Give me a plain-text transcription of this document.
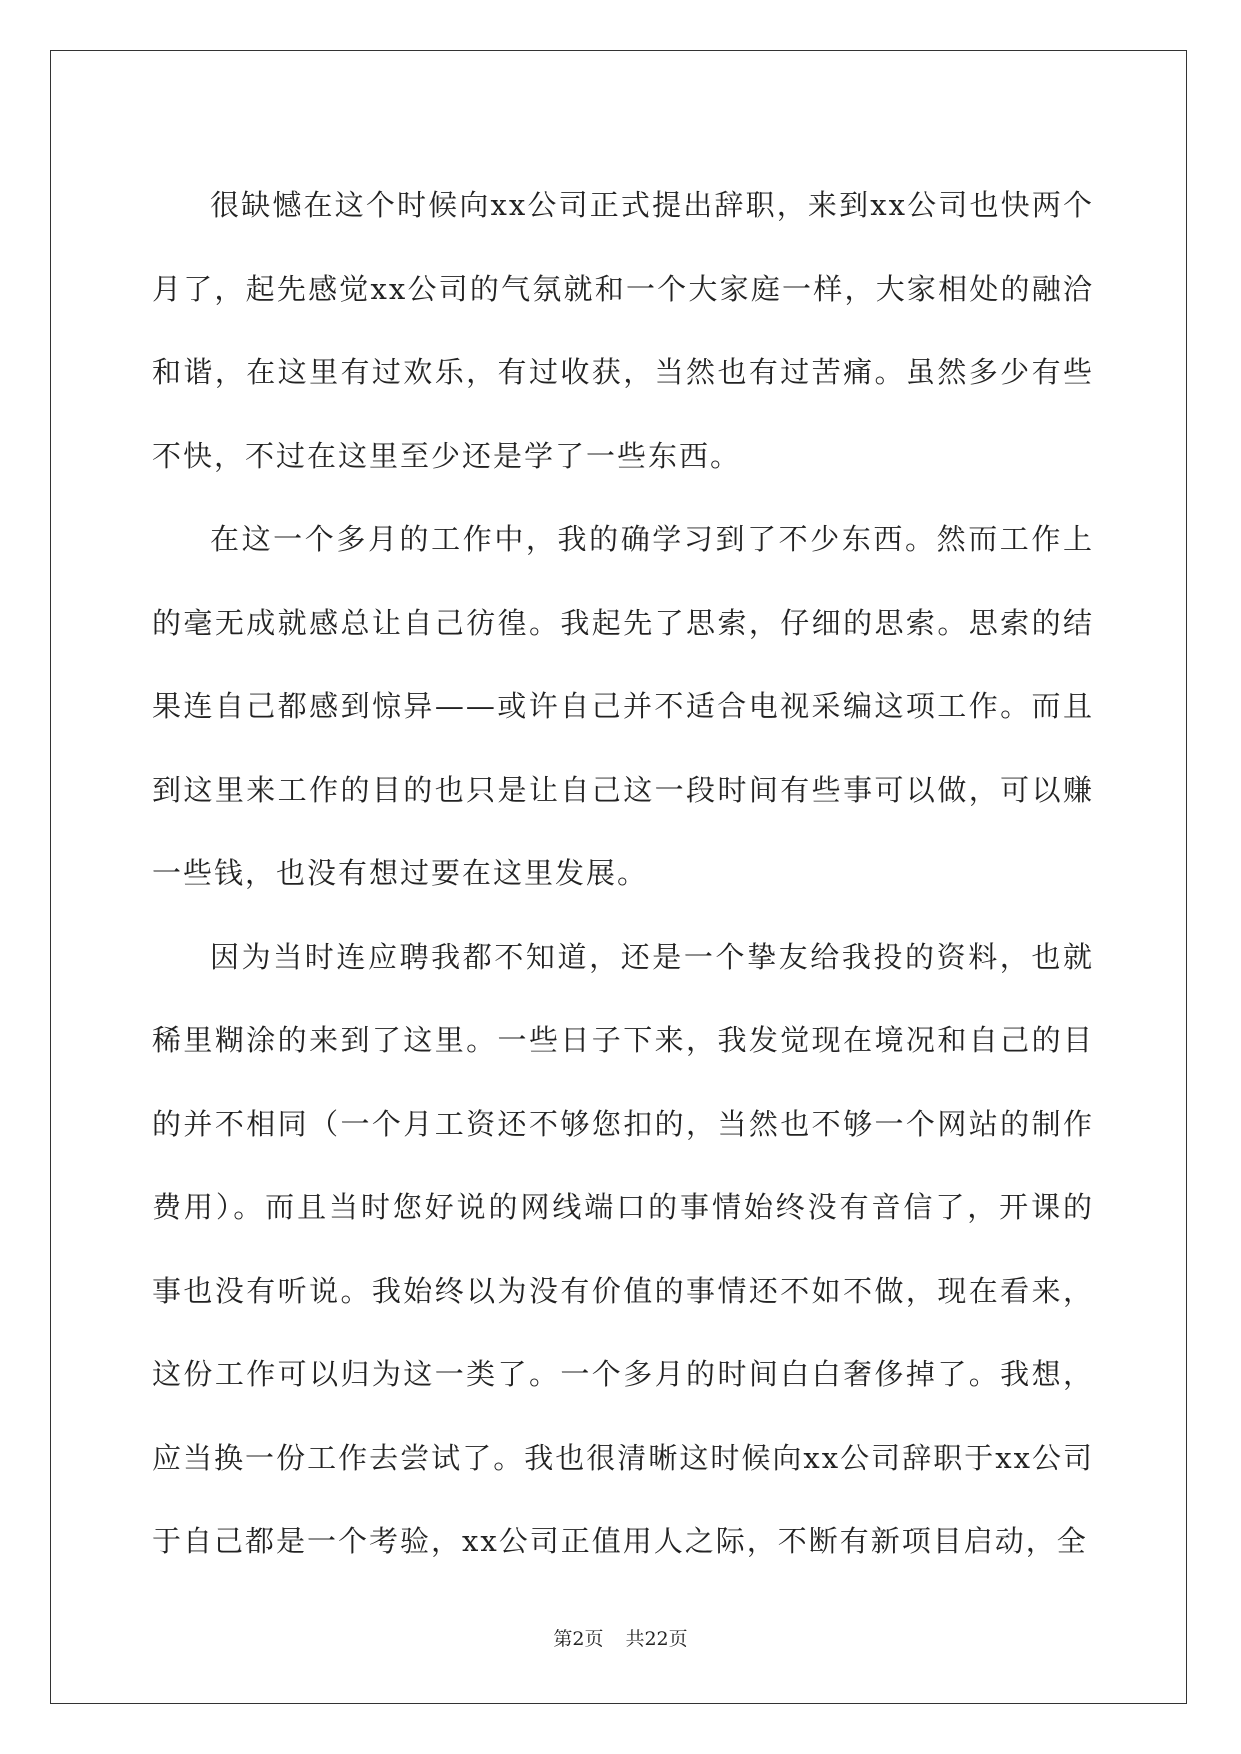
很缺憾在这个时候向xx公司正式提出辞职，来到xx公司也快两个月了，起先感觉xx公司的气氛就和一个大家庭一样，大家相处的融洽和谐，在这里有过欢乐，有过收获，当然也有过苦痛。虽然多少有些不快，不过在这里至少还是学了一些东西。

在这一个多月的工作中，我的确学习到了不少东西。然而工作上的毫无成就感总让自己彷徨。我起先了思索，仔细的思索。思索的结果连自己都感到惊异——或许自己并不适合电视采编这项工作。而且到这里来工作的目的也只是让自己这一段时间有些事可以做，可以赚一些钱，也没有想过要在这里发展。

因为当时连应聘我都不知道，还是一个挚友给我投的资料，也就稀里糊涂的来到了这里。一些日子下来，我发觉现在境况和自己的目的并不相同（一个月工资还不够您扣的，当然也不够一个网站的制作费用）。而且当时您好说的网线端口的事情始终没有音信了，开课的事也没有听说。我始终以为没有价值的事情还不如不做，现在看来，这份工作可以归为这一类了。一个多月的时间白白奢侈掉了。我想，应当换一份工作去尝试了。我也很清晰这时候向xx公司辞职于xx公司于自己都是一个考验，xx公司正值用人之际，不断有新项目启动，全

第2页 共22页
